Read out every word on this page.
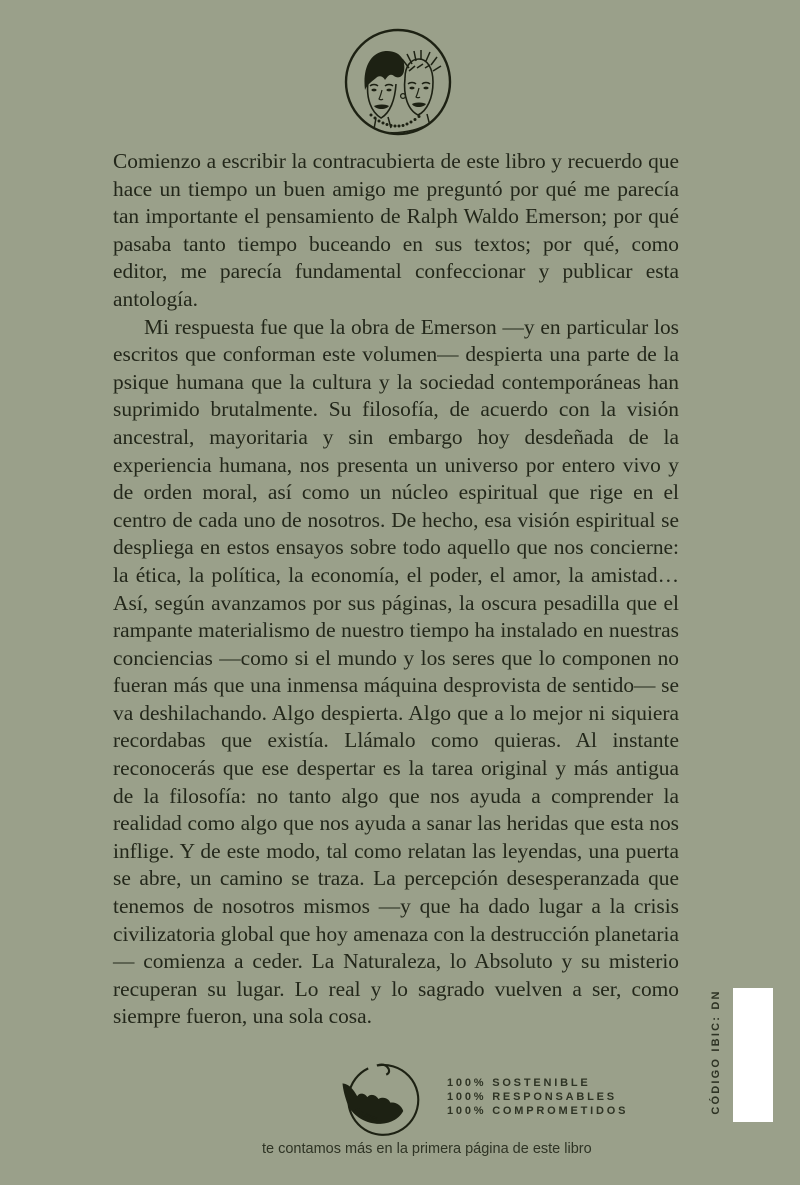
Comienzo a escribir la contracubierta de este libro y recuerdo que hace un tiempo un buen amigo me preguntó por qué me parecía tan importante el pensamiento de Ralph Waldo Emerson; por qué pasaba tanto tiempo buceando en sus textos; por qué, como editor, me parecía fundamental confeccionar y publicar esta antología.

Mi respuesta fue que la obra de Emerson —y en particular los escritos que conforman este volumen— despierta una parte de la psique humana que la cultura y la sociedad contemporáneas han suprimido brutalmente. Su filosofía, de acuerdo con la visión ancestral, mayoritaria y sin embargo hoy desdeñada de la experiencia humana, nos presenta un universo por entero vivo y de orden moral, así como un núcleo espiritual que rige en el centro de cada uno de nosotros. De hecho, esa visión espiritual se despliega en estos ensayos sobre todo aquello que nos concierne: la ética, la política, la economía, el poder, el amor, la amistad… Así, según avanzamos por sus páginas, la oscura pesadilla que el rampante materialismo de nuestro tiempo ha instalado en nuestras conciencias —como si el mundo y los seres que lo componen no fueran más que una inmensa máquina desprovista de sentido— se va deshilachando. Algo despierta. Algo que a lo mejor ni siquiera recordabas que existía. Llámalo como quieras. Al instante reconocerás que ese despertar es la tarea original y más antigua de la filosofía: no tanto algo que nos ayuda a comprender la realidad como algo que nos ayuda a sanar las heridas que esta nos inflige. Y de este modo, tal como relatan las leyendas, una puerta se abre, un camino se traza. La percepción desesperanzada que tenemos de nosotros mismos —y que ha dado lugar a la crisis civilizatoria global que hoy amenaza con la destrucción planetaria— comienza a ceder. La Naturaleza, lo Absoluto y su misterio recuperan su lugar. Lo real y lo sagrado vuelven a ser, como siempre fueron, una sola cosa.

100% SOSTENIBLE
100% RESPONSABLES
100% COMPROMETIDOS
te contamos más en la primera página de este libro
CÓDIGO IBIC: DN
